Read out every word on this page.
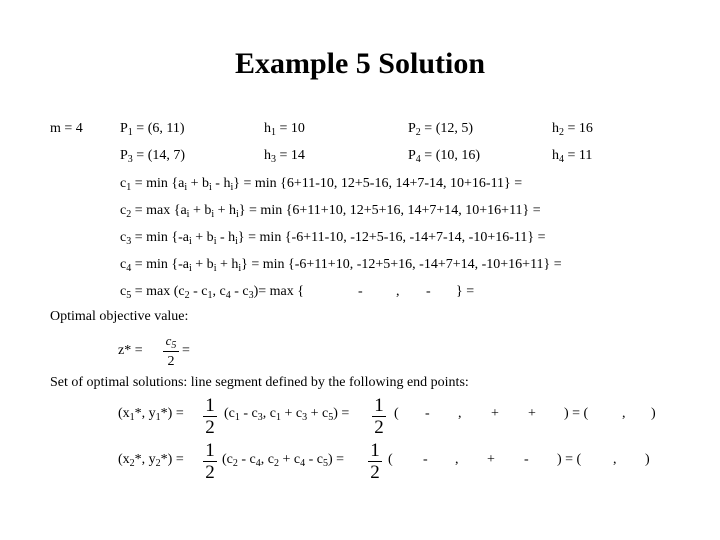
Example 5 Solution
m = 4	$P_1 = (6$, 11)	$h_1 = 10$	$P_2 = (12$, 5)	$h_2 = 16$
$P_3 = (14$, 7)	$h_3 = 14$	$P_4 = (10$, 16)	$h_4 = 11$
$c_1 = \min \{a_i + b_i - h_i\} = \min \{6+11-10$, 12+5-16, 14+7-14, 10+16-11} =
$c_2 = \max \{a_i + b_i + h_i\} = \min \{6+11+10$, 12+5+16, 14+7+14, 10+16+11} =
$c_3 = \min \{-a_i + b_i - h_i\} = \min \{-6+11-10$, -12+5-16, -14+7-14, -10+16-11} =
$c_4 = \min \{-a_i + b_i + h_i\} = \min \{-6+11+10$, -12+5+16, -14+7+14, -10+16+11} =
$c_5 = \max (c_2 - c_1$, $c_4 - c_3)= \max$ {	- , - } =
Optimal objective value:
z* =
$c_5$
2
=
Set of optimal solutions: line segment defined by the following end points:
($x_1*$, $y_1*) = 1$
2
($c_1 - c_3$, $c_1 + c_3 + c_5) = 1$
2
( - , + + ) = ( , )
($x_2*$, $y_2*) = 1$
2
($c_2 - c_4$, $c_2 + c_4 - c_5) = 1$
2
( - , + - ) = ( , )
